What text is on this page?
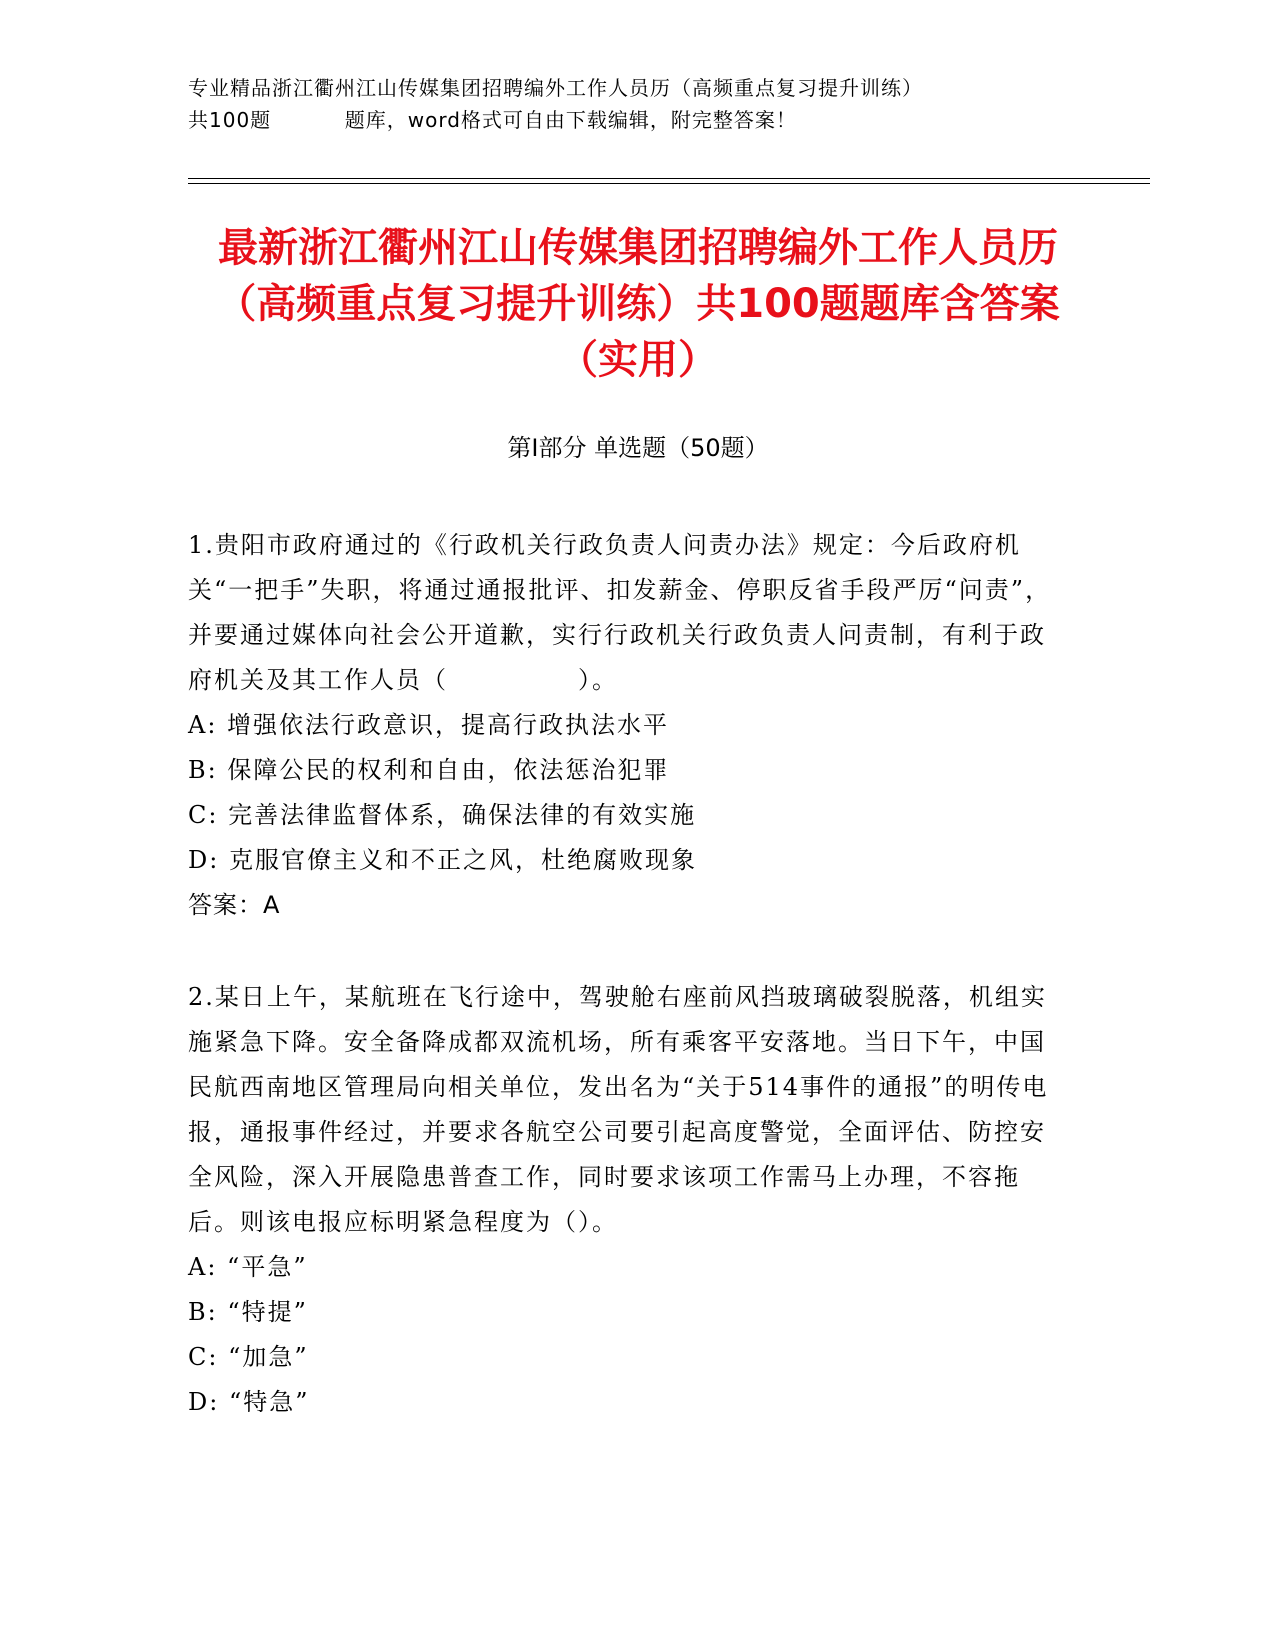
专业精品浙江衢州江山传媒集团招聘编外工作人员历（高频重点复习提升训练）
共100题	题库，word格式可自由下载编辑，附完整答案！
最新浙江衢州江山传媒集团招聘编外工作人员历（高频重点复习提升训练）共100题题库含答案（实用）
第Ⅰ部分 单选题（50题）

1.贵阳市政府通过的《行政机关行政负责人问责办法》规定：今后政府机关“一把手”失职，将通过通报批评、扣发薪金、停职反省手段严厉“问责”，并要通过媒体向社会公开道歉，实行行政机关行政负责人问责制，有利于政府机关及其工作人员（　　　　　）。

A: 增强依法行政意识，提高行政执法水平

B: 保障公民的权利和自由，依法惩治犯罪

C: 完善法律监督体系，确保法律的有效实施

D: 克服官僚主义和不正之风，杜绝腐败现象

答案：A

2.某日上午，某航班在飞行途中，驾驶舱右座前风挡玻璃破裂脱落，机组实施紧急下降。安全备降成都双流机场，所有乘客平安落地。当日下午，中国民航西南地区管理局向相关单位，发出名为“关于514事件的通报”的明传电报，通报事件经过，并要求各航空公司要引起高度警觉，全面评估、防控安全风险，深入开展隐患普查工作，同时要求该项工作需马上办理，不容拖后。则该电报应标明紧急程度为（）。

A: “平急”

B: “特提”

C: “加急”

D: “特急”
